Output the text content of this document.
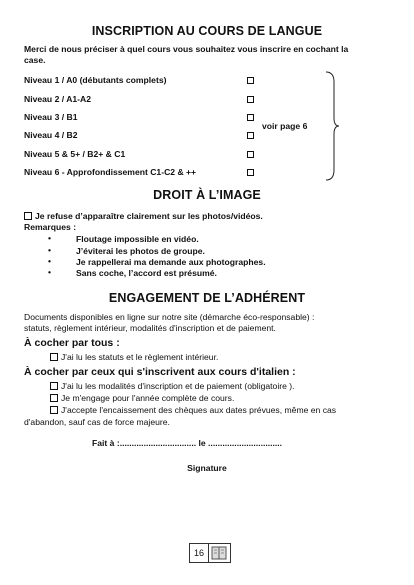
INSCRIPTION AU COURS DE LANGUE
Merci de nous préciser à quel cours vous souhaitez vous inscrire en cochant la case.
Niveau 1 / A0 (débutants complets)
Niveau 2 / A1-A2
Niveau 3 / B1
Niveau 4 / B2
Niveau 5 & 5+ / B2+ & C1
Niveau 6 - Approfondissement C1-C2 & ++
voir page 6
DROIT À L’IMAGE
Je refuse d’apparaître clairement sur les photos/vidéos.
Remarques :
•	Floutage impossible en vidéo.
•	J’éviterai les photos de groupe.
•	Je rappellerai ma demande aux photographes.
•	Sans coche, l’accord est présumé.
ENGAGEMENT DE L’ADHÉRENT
Documents disponibles en ligne sur notre site (démarche éco-responsable) :
statuts, règlement intérieur, modalités d'inscription et de paiement.
À cocher par tous :
J'ai lu les statuts et le règlement intérieur.
À cocher par ceux qui s'inscrivent aux cours d'italien :
J'ai lu les modalités d'inscription et de paiement (obligatoire ).
Je m'engage pour l'année complète de cours.
J'accepte l'encaissement des chèques aux dates prévues, même en cas
d'abandon, sauf cas de force majeure.
Fait à :................................ le ...............................
Signature
16
